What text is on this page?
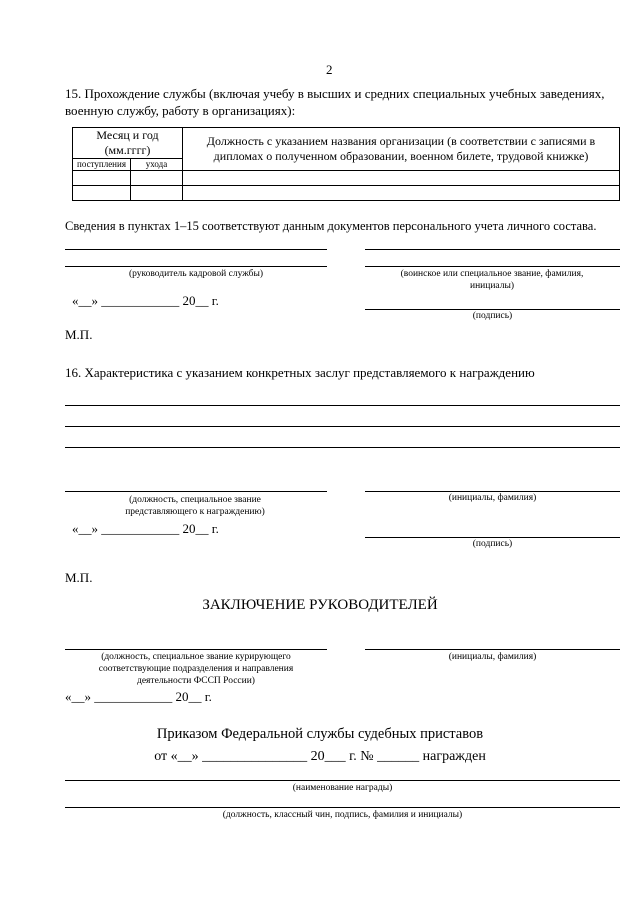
2
15. Прохождение службы (включая учебу в высших и средних специальных учебных заведениях, военную службу, работу в организациях):
Месяц и год (мм.гггг)		Должность с указанием названия организации (в соответствии с записями в дипломах о полученном образовании, военном билете, трудовой книжке)
поступления	ухода	

Сведения в пунктах 1–15 соответствуют данным документов персонального учета личного состава.
(руководитель кадровой службы)	(воинское или специальное звание, фамилия, инициалы)
«__» ____________ 20__ г.
(подпись)
М.П.
16. Характеристика с указанием конкретных заслуг представляемого к награждению
(должность, специальное звание представляющего к награждению)
(инициалы, фамилия)
«__» ____________ 20__ г.
(подпись)
М.П.
ЗАКЛЮЧЕНИЕ РУКОВОДИТЕЛЕЙ
(должность, специальное звание курирующего соответствующие подразделения и направления деятельности ФССП России)
(инициалы, фамилия)
«__» ____________ 20__ г.
Приказом Федеральной службы судебных приставов
от «__» _______________ 20___ г. № ______ награжден
(наименование награды)
(должность, классный чин, подпись, фамилия и инициалы)
